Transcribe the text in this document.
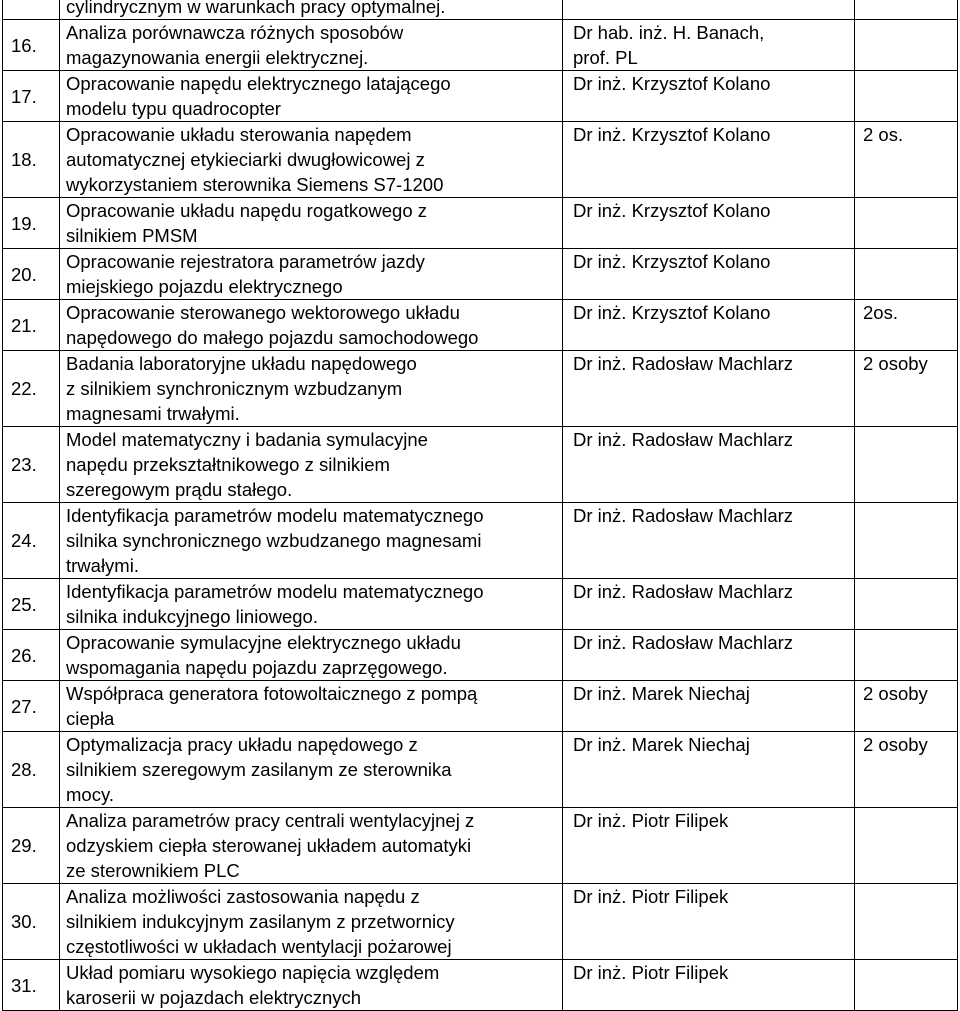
	cylindrycznym w warunkach pracy optymalnej.		

16.	Analiza porównawcza różnych sposobów
magazynowania energii elektrycznej.	Dr hab. inż. H. Banach,
prof. PL	

17.	Opracowanie napędu elektrycznego latającego
modelu typu quadrocopter	Dr inż. Krzysztof Kolano	

18.	Opracowanie układu sterowania napędem
automatycznej etykieciarki dwugłowicowej z
wykorzystaniem sterownika Siemens S7-1200	Dr inż. Krzysztof Kolano	2 os.
19.	Opracowanie układu napędu rogatkowego z
silnikiem PMSM	Dr inż. Krzysztof Kolano	

20.	Opracowanie rejestratora parametrów jazdy
miejskiego pojazdu elektrycznego	Dr inż. Krzysztof Kolano	

21.	Opracowanie sterowanego wektorowego układu
napędowego do małego pojazdu samochodowego	Dr inż. Krzysztof Kolano	2os.
22.	Badania laboratoryjne układu napędowego
z silnikiem synchronicznym wzbudzanym
magnesami trwałymi.	Dr inż. Radosław Machlarz	2 osoby
23.	Model matematyczny i badania symulacyjne
napędu przekształtnikowego z silnikiem
szeregowym prądu stałego.	Dr inż. Radosław Machlarz	

24.	Identyfikacja parametrów modelu matematycznego
silnika synchronicznego wzbudzanego magnesami
trwałymi.	Dr inż. Radosław Machlarz	

25.	Identyfikacja parametrów modelu matematycznego
silnika indukcyjnego liniowego.	Dr inż. Radosław Machlarz	

26.	Opracowanie symulacyjne elektrycznego układu
wspomagania napędu pojazdu zaprzęgowego.	Dr inż. Radosław Machlarz	

27.	Współpraca generatora fotowoltaicznego z pompą
ciepła	Dr inż. Marek Niechaj	2 osoby
28.	Optymalizacja pracy układu napędowego z
silnikiem szeregowym zasilanym ze sterownika
mocy.	Dr inż. Marek Niechaj	2 osoby
29.	Analiza parametrów pracy centrali wentylacyjnej z
odzyskiem ciepła sterowanej układem automatyki
ze sterownikiem PLC	Dr inż. Piotr Filipek	

30.	Analiza możliwości zastosowania napędu z
silnikiem indukcyjnym zasilanym z przetwornicy
częstotliwości w układach wentylacji pożarowej	Dr inż. Piotr Filipek	

31.	Układ pomiaru wysokiego napięcia względem
karoserii w pojazdach elektrycznych	Dr inż. Piotr Filipek	
